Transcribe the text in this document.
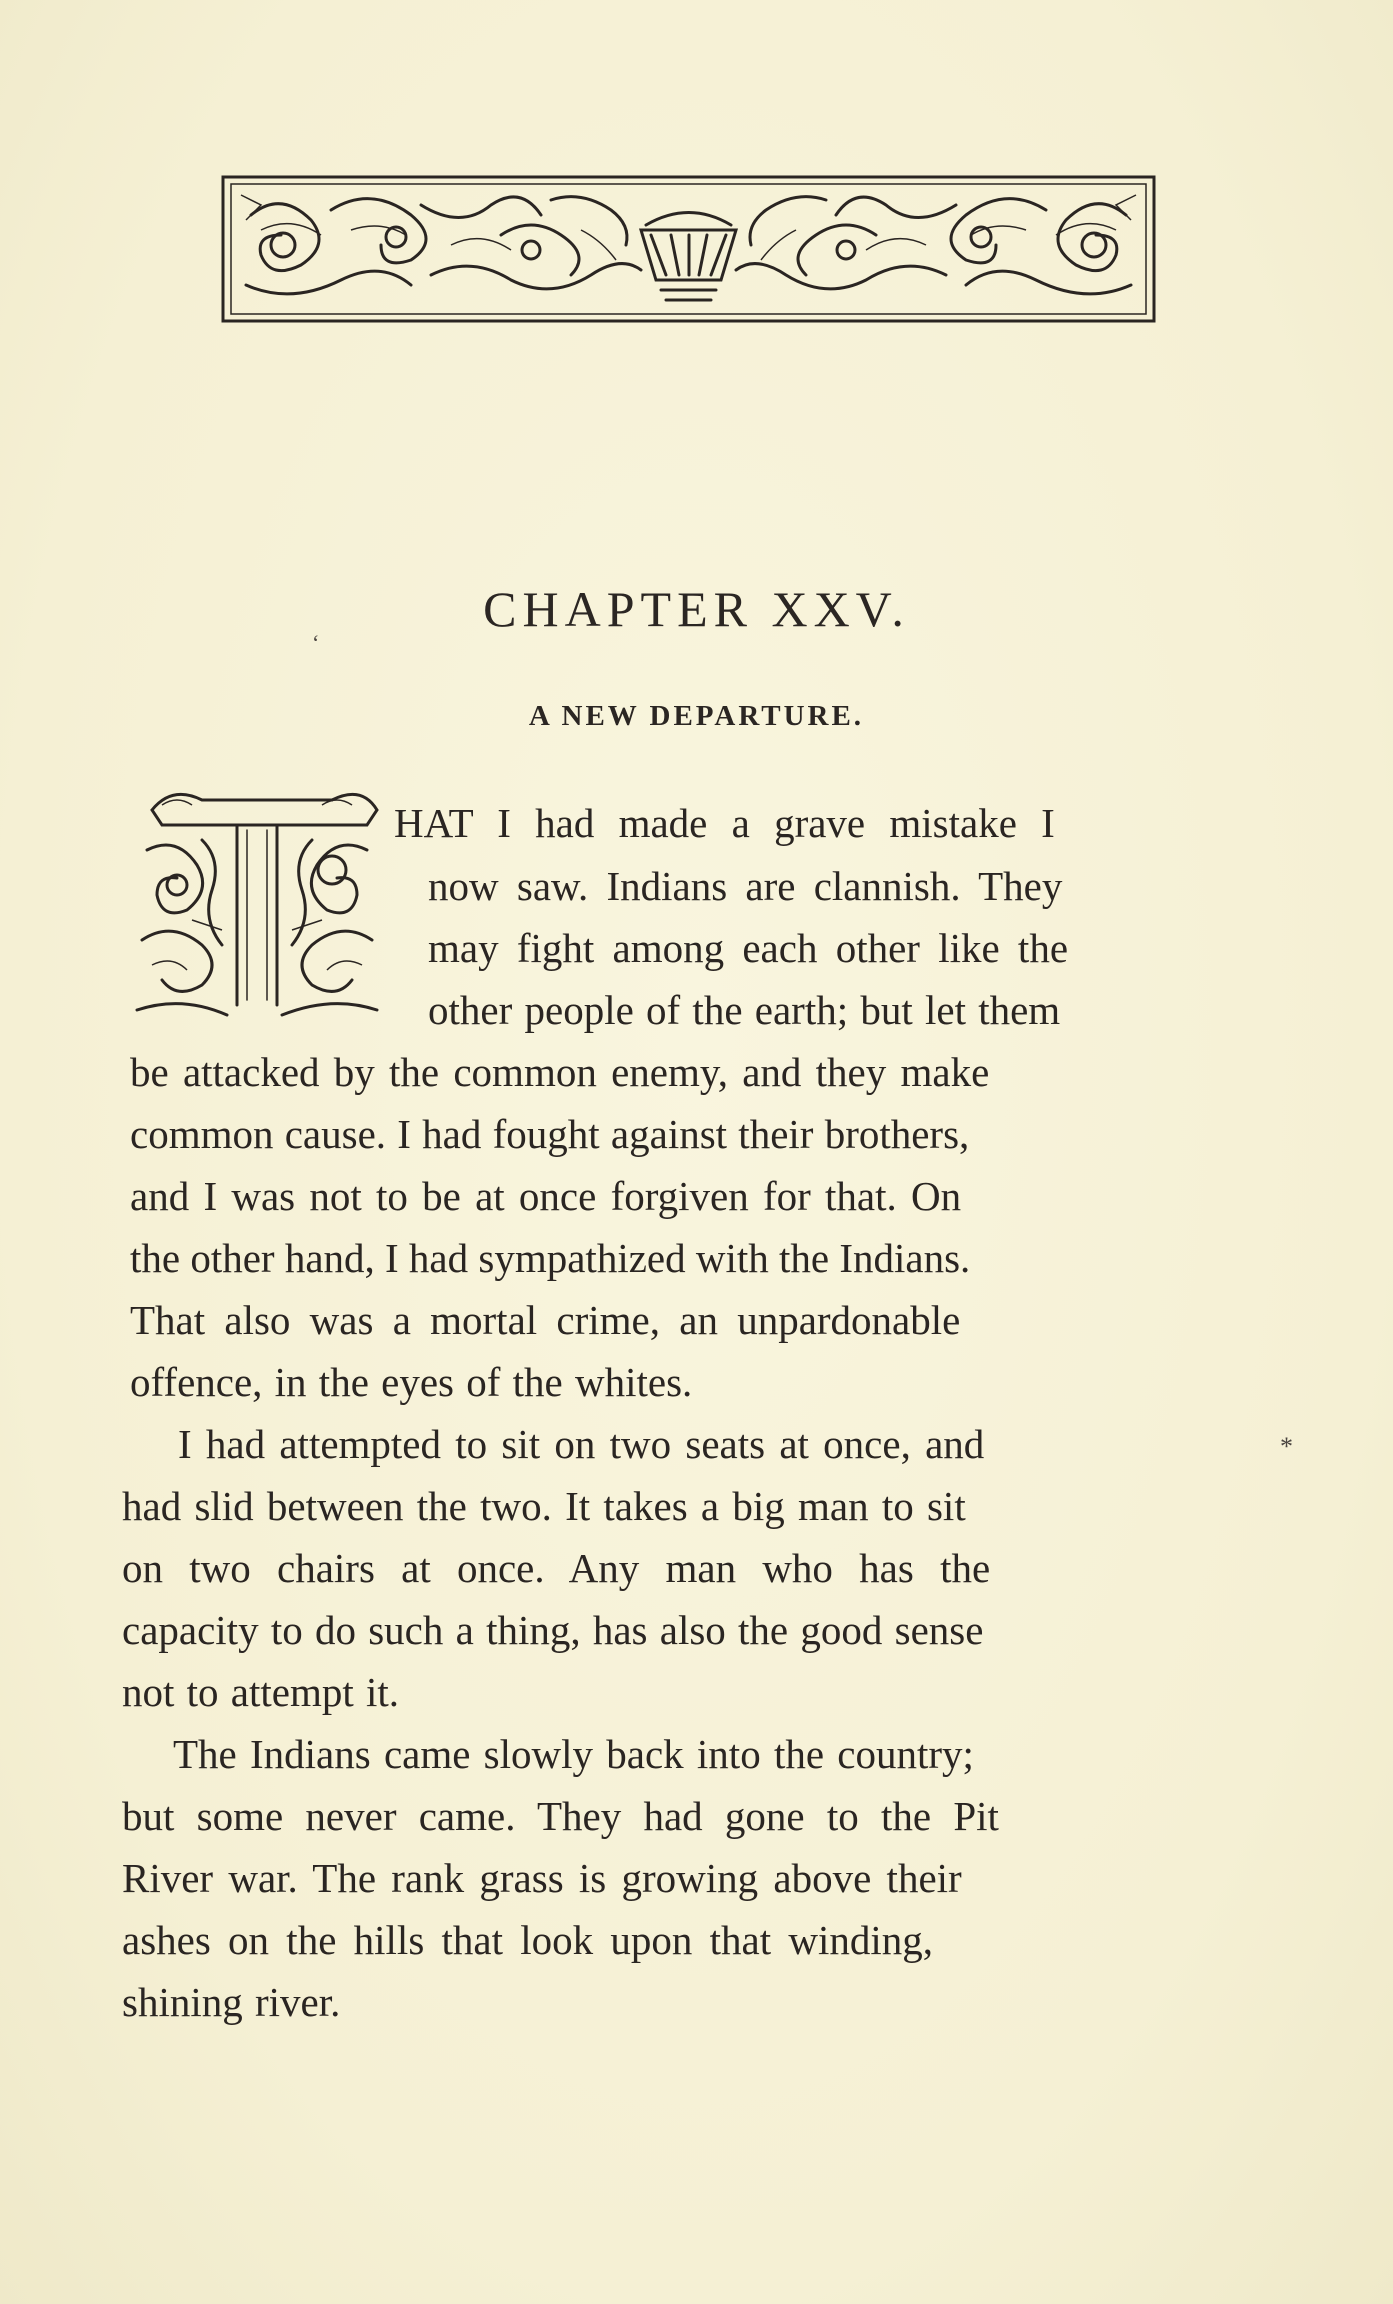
CHAPTER XXV.
‘
A NEW DEPARTURE.
HAT I had made a grave mistake I
now saw. Indians are clannish. They
may fight among each other like the
other people of the earth; but let them
be attacked by the common enemy, and they make
common cause. I had fought against their brothers,
and I was not to be at once forgiven for that. On
the other hand, I had sympathized with the Indians.
That also was a mortal crime, an unpardonable
offence, in the eyes of the whites.
I had attempted to sit on two seats at once, and	*
had slid between the two. It takes a big man to sit
on two chairs at once. Any man who has the
capacity to do such a thing, has also the good sense
not to attempt it.
The Indians came slowly back into the country;
but some never came. They had gone to the Pit
River war. The rank grass is growing above their
ashes on the hills that look upon that winding,
shining river.
